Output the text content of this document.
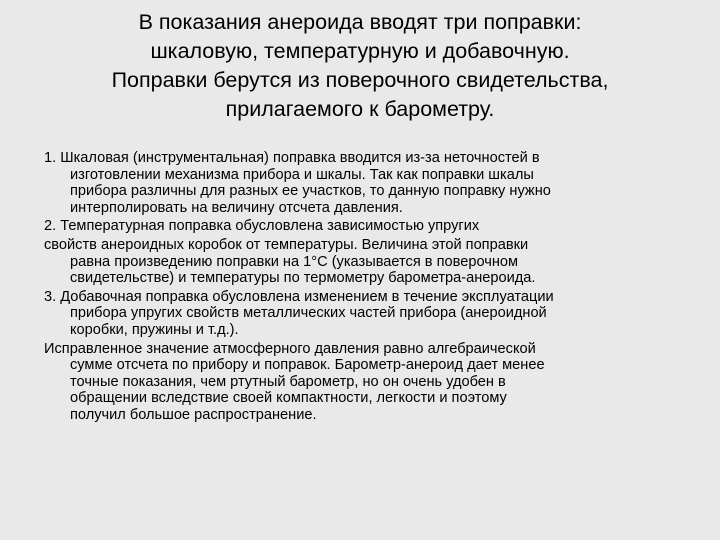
В показания анероида вводят три поправки:
шкаловую, температурную и добавочную.
Поправки берутся из поверочного свидетельства,
прилагаемого к барометру.
1. Шкаловая (инструментальная) поправка вводится из-за неточностей в
изготовлении механизма прибора и шкалы. Так как поправки шкалы
прибора различны для разных ее участков, то данную поправку нужно
интерполировать на величину отсчета давления.
2. Температурная поправка обусловлена зависимостью упругих
свойств анероидных коробок от температуры. Величина этой поправки
равна произведению поправки на 1°С (указывается в поверочном
свидетельстве) и температуры по термометру барометра-анероида.
3. Добавочная поправка обусловлена изменением в течение эксплуатации
прибора упругих свойств металлических частей прибора (анероидной
коробки, пружины и т.д.).
Исправленное значение атмосферного давления равно алгебраической
сумме отсчета по прибору и поправок. Барометр-анероид дает менее
точные показания, чем ртутный барометр, но он очень удобен в
обращении вследствие своей компактности, легкости и поэтому
получил большое распространение.
